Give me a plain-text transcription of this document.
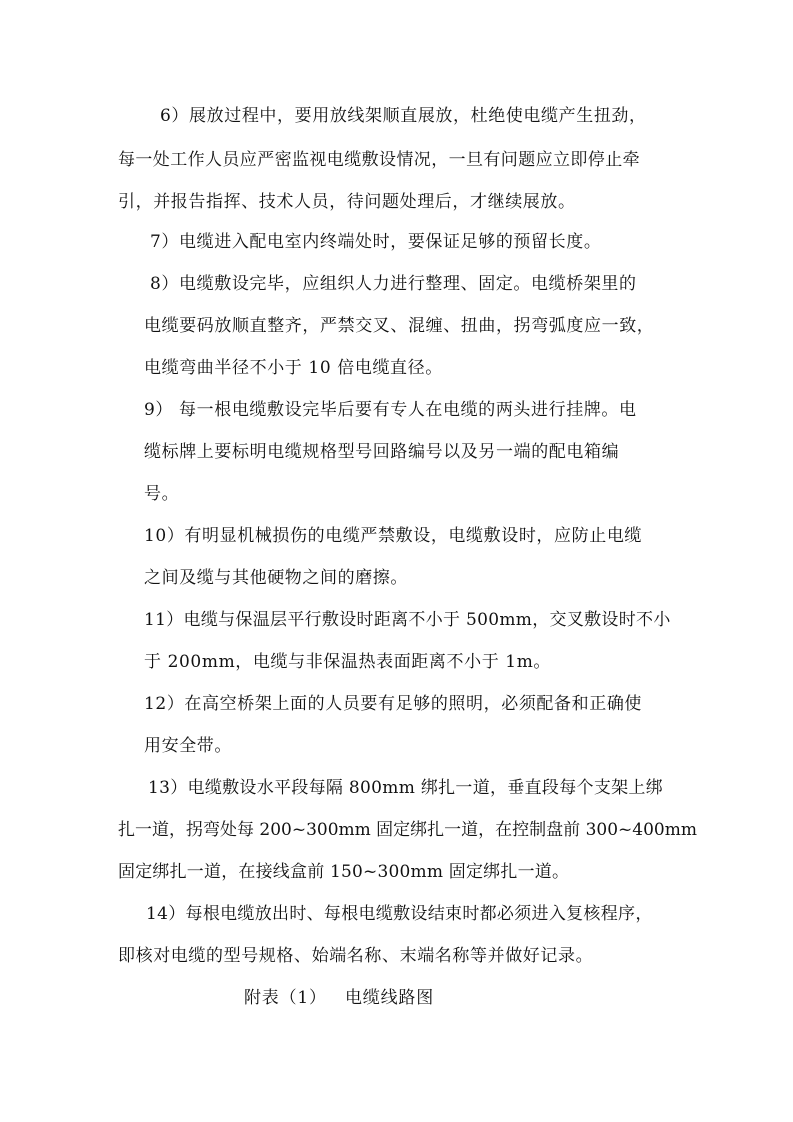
6）展放过程中，要用放线架顺直展放，杜绝使电缆产生扭劲，
每一处工作人员应严密监视电缆敷设情况，一旦有问题应立即停止牵
引，并报告指挥、技术人员，待问题处理后，才继续展放。
7）电缆进入配电室内终端处时，要保证足够的预留长度。
8）电缆敷设完毕，应组织人力进行整理、固定。电缆桥架里的
电缆要码放顺直整齐，严禁交叉、混缠、扭曲，拐弯弧度应一致，
电缆弯曲半径不小于 10 倍电缆直径。
9） 每一根电缆敷设完毕后要有专人在电缆的两头进行挂牌。电
缆标牌上要标明电缆规格型号回路编号以及另一端的配电箱编
号。
10）有明显机械损伤的电缆严禁敷设，电缆敷设时，应防止电缆
之间及缆与其他硬物之间的磨擦。
11）电缆与保温层平行敷设时距离不小于 500mm，交叉敷设时不小
于 200mm，电缆与非保温热表面距离不小于 1m。
12）在高空桥架上面的人员要有足够的照明，必须配备和正确使
用安全带。
13）电缆敷设水平段每隔 800mm 绑扎一道，垂直段每个支架上绑
扎一道，拐弯处每 200~300mm 固定绑扎一道，在控制盘前 300~400mm
固定绑扎一道，在接线盒前 150~300mm 固定绑扎一道。
14）每根电缆放出时、每根电缆敷设结束时都必须进入复核程序，
即核对电缆的型号规格、始端名称、末端名称等并做好记录。
附表（1） 电缆线路图
